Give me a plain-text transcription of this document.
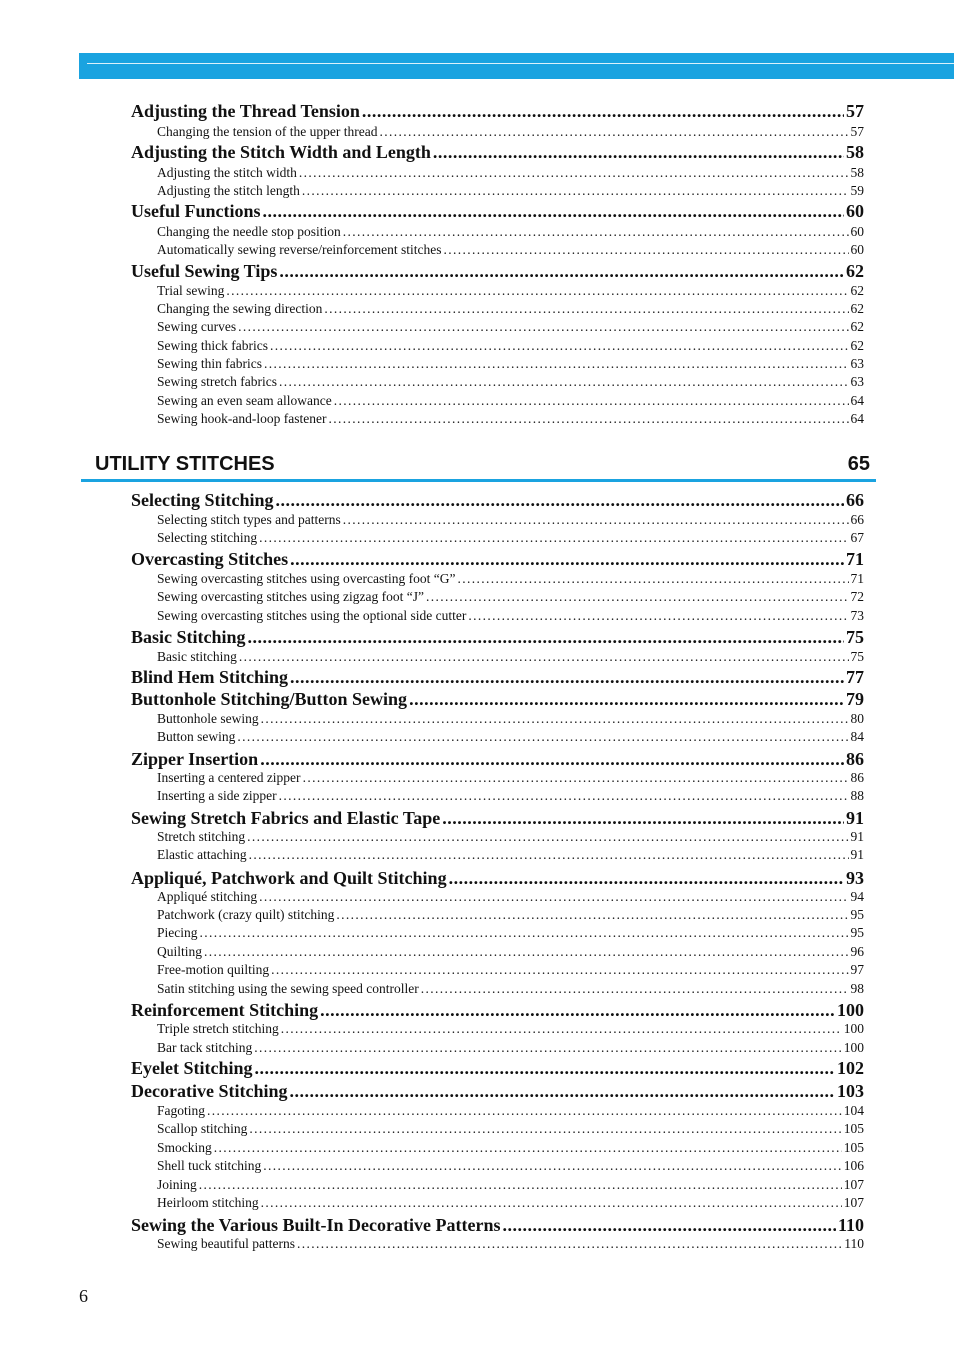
Adjusting the Thread Tension . . .	57
Changing the tension of the upper thread . . .	57
Adjusting the Stitch Width and Length . . .	58
Adjusting the stitch width . . .	58
Adjusting the stitch length . . .	59
Useful Functions . . .	60
Changing the needle stop position . . .	60
Automatically sewing reverse/reinforcement stitches . . .	60
Useful Sewing Tips . . .	62
Trial sewing . . .	62
Changing the sewing direction . . .	62
Sewing curves . . .	62
Sewing thick fabrics . . .	62
Sewing thin fabrics . . .	63
Sewing stretch fabrics . . .	63
Sewing an even seam allowance . . .	64
Sewing hook-and-loop fastener . . .	64
Selecting Stitching . . .	66
Selecting stitch types and patterns . . .	66
Selecting stitching . . .	67
Overcasting Stitches . . .	71
Sewing overcasting stitches using overcasting foot “G” . . .	71
Sewing overcasting stitches using zigzag foot “J” . . .	72
Sewing overcasting stitches using the optional side cutter . . .	73
Basic Stitching . . .	75
Basic stitching . . .	75
Blind Hem Stitching . . .	77
Buttonhole Stitching/Button Sewing . . .	79
Buttonhole sewing . . .	80
Button sewing . . .	84
Zipper Insertion . . .	86
Inserting a centered zipper . . .	86
Inserting a side zipper . . .	88
Sewing Stretch Fabrics and Elastic Tape . . .	91
Stretch stitching . . .	91
Elastic attaching . . .	91
Appliqué, Patchwork and Quilt Stitching . . .	93
Appliqué stitching . . .	94
Patchwork (crazy quilt) stitching . . .	95
Piecing . . .	95
Quilting . . .	96
Free-motion quilting . . .	97
Satin stitching using the sewing speed controller . . .	98
Reinforcement Stitching . . .	100
Triple stretch stitching . . .	100
Bar tack stitching . . .	100
Eyelet Stitching . . .	102
Decorative Stitching . . .	103
Fagoting . . .	104
Scallop stitching . . .	105
Smocking . . .	105
Shell tuck stitching . . .	106
Joining . . .	107
Heirloom stitching . . .	107
Sewing the Various Built-In Decorative Patterns . . .	110
Sewing beautiful patterns . . .	110
UTILITY STITCHES	65
6
